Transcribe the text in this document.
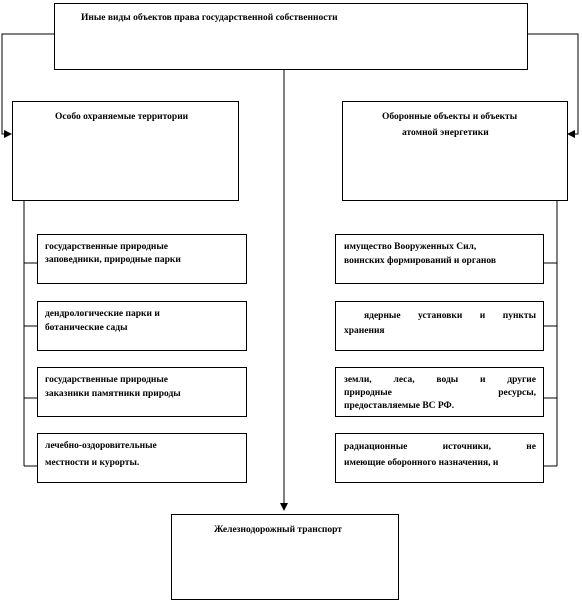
Иные виды объектов права государственной собственности
Особо охраняемые территории	Оборонные объекты и объекты
атомной энергетики
государственные природные
заповедники, природные парки
дендрологические парки и
ботанические сады
государственные природные
заказники памятники природы
лечебно-оздоровительные
местности и курорты.
имущество Вооруженных Сил,
воинских формирований и органов
ядерные установки и пункты
хранения
земли, леса, воды и другие
природные ресурсы,
предоставляемые ВС РФ.
радиационные источники, не
имеющие оборонного назначения, и
Железнодорожный транспорт
